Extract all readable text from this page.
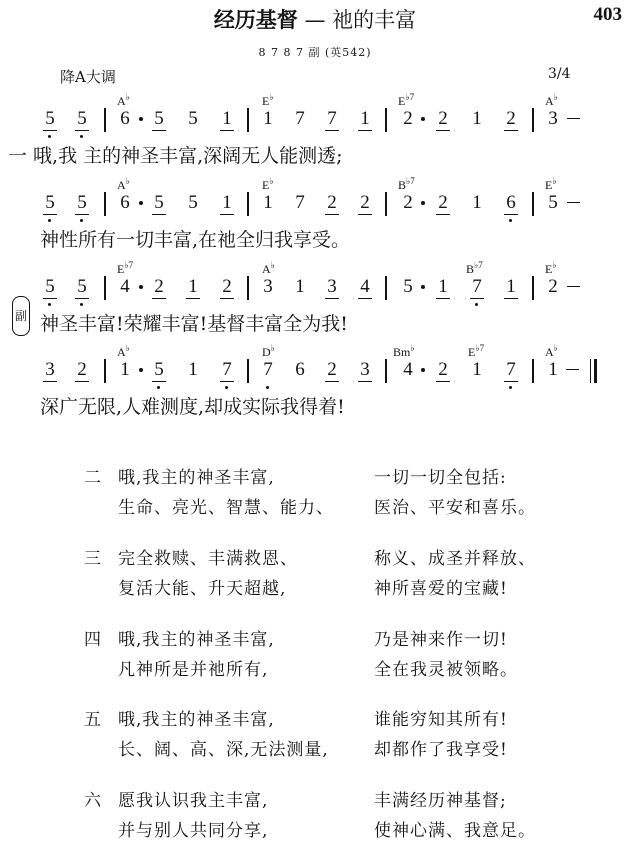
经历基督 — 祂的丰富	403
8 7 8 7 副 (英542)
降A大调	3/4
A♭	E♭	$E^{♭7}$	A♭
5 5 6 5 5 1 1 7 7 1 2 2 1 2 3
一 哦,我 主的神圣丰富,深阔无人能测透;
A♭	E♭	$B^{♭7}$	E♭
5 5 6 5 5 1 1 7 2 2 2 2 1 6 5
神性所有一切丰富,在祂全归我享受。
$E^{♭7}$	A♭	$B^{♭7}$	E♭
5 5 4 2 1 2 3 1 3 4 5 1 7 1 2
副 神圣丰富!荣耀丰富!基督丰富全为我!
A♭	D♭	Bm♭	$E^{♭7}$	A♭
3 2 1 5 1 7 7 6 2 3 4 2 1 7 1
深广无限,人难测度,却成实际我得着!
二 哦,我主的神圣丰富,	一切一切全包括:
生命、亮光、智慧、能力、 医治、平安和喜乐。
三 完全救赎、丰满救恩、	称义、成圣并释放、
复活大能、升天超越,	神所喜爱的宝藏!
四 哦,我主的神圣丰富,	乃是神来作一切!
凡神所是并祂所有,	全在我灵被领略。
五 哦,我主的神圣丰富,	谁能穷知其所有!
长、阔、高、深,无法测量,	却都作了我享受!
六 愿我认识我主丰富,	丰满经历神基督;
并与别人共同分享,	使神心满、我意足。
